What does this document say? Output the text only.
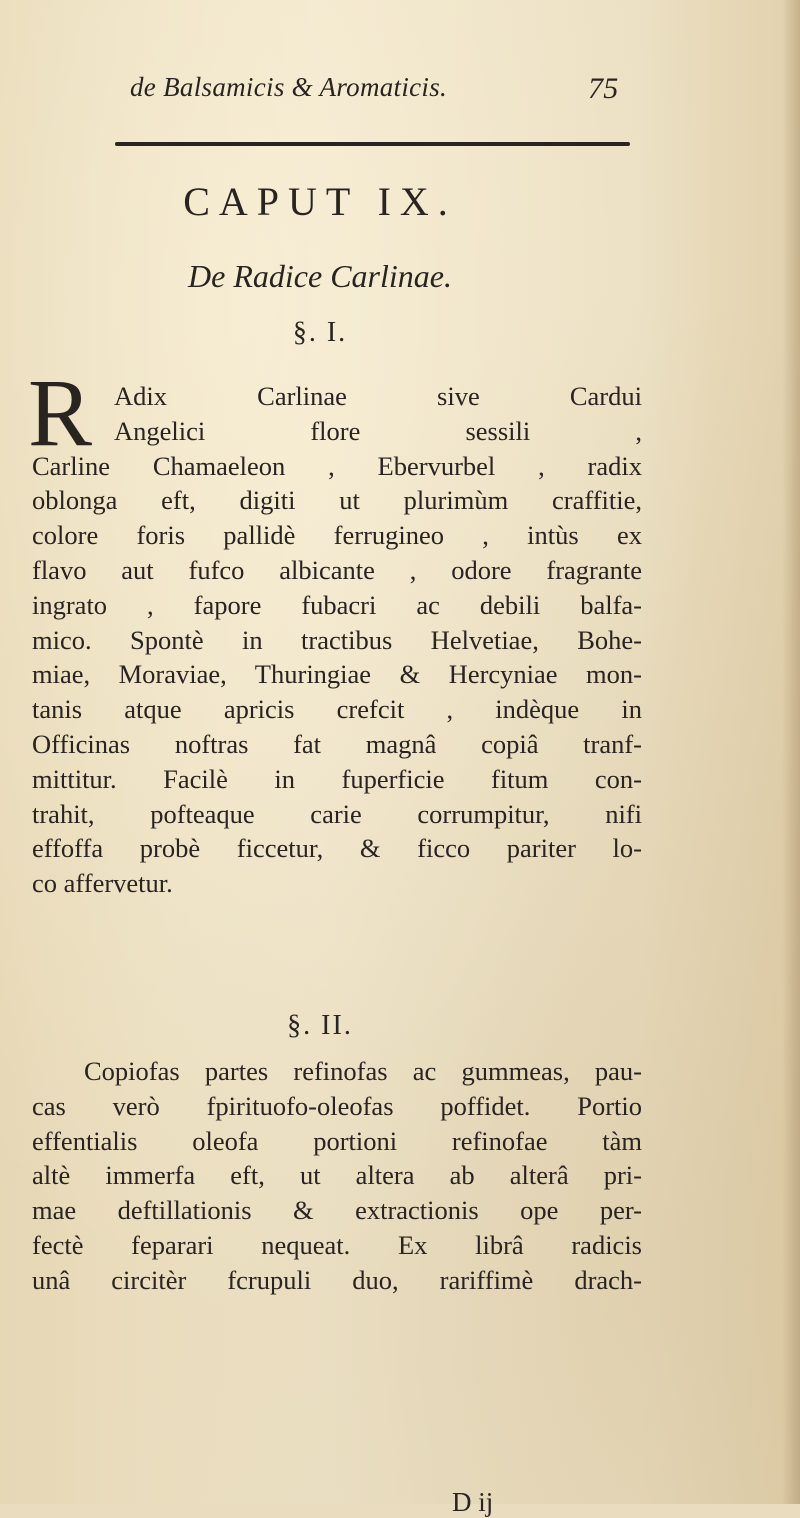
de Balsamicis & Aromaticis.	75
CAPUT IX.
De Radice Carlinae.
§. I.
R Adix Carlinae sive Cardui
Angelici flore sessili ,
Carline Chamaeleon , Ebervurbel , radix
oblonga eft, digiti ut plurimùm craffitie,
colore foris pallidè ferrugineo , intùs ex
flavo aut fufco albicante , odore fragrante
ingrato , fapore fubacri ac debili balfa-
mico. Spontè in tractibus Helvetiae, Bohe-
miae, Moraviae, Thuringiae & Hercyniae mon-
tanis atque apricis crefcit , indèque in
Officinas noftras fat magnâ copiâ tranf-
mittitur. Facilè in fuperficie fitum con-
trahit, pofteaque carie corrumpitur, nifi
effoffa probè ficcetur, & ficco pariter lo-
co affervetur.
§. II.
Copiofas partes refinofas ac gummeas, pau-
cas verò fpirituofo-oleofas poffidet. Portio
effentialis oleofa portioni refinofae tàm
altè immerfa eft, ut altera ab alterâ pri-
mae deftillationis & extractionis ope per-
fectè feparari nequeat. Ex librâ radicis
unâ circitèr fcrupuli duo, rariffimè drach-
D ij
